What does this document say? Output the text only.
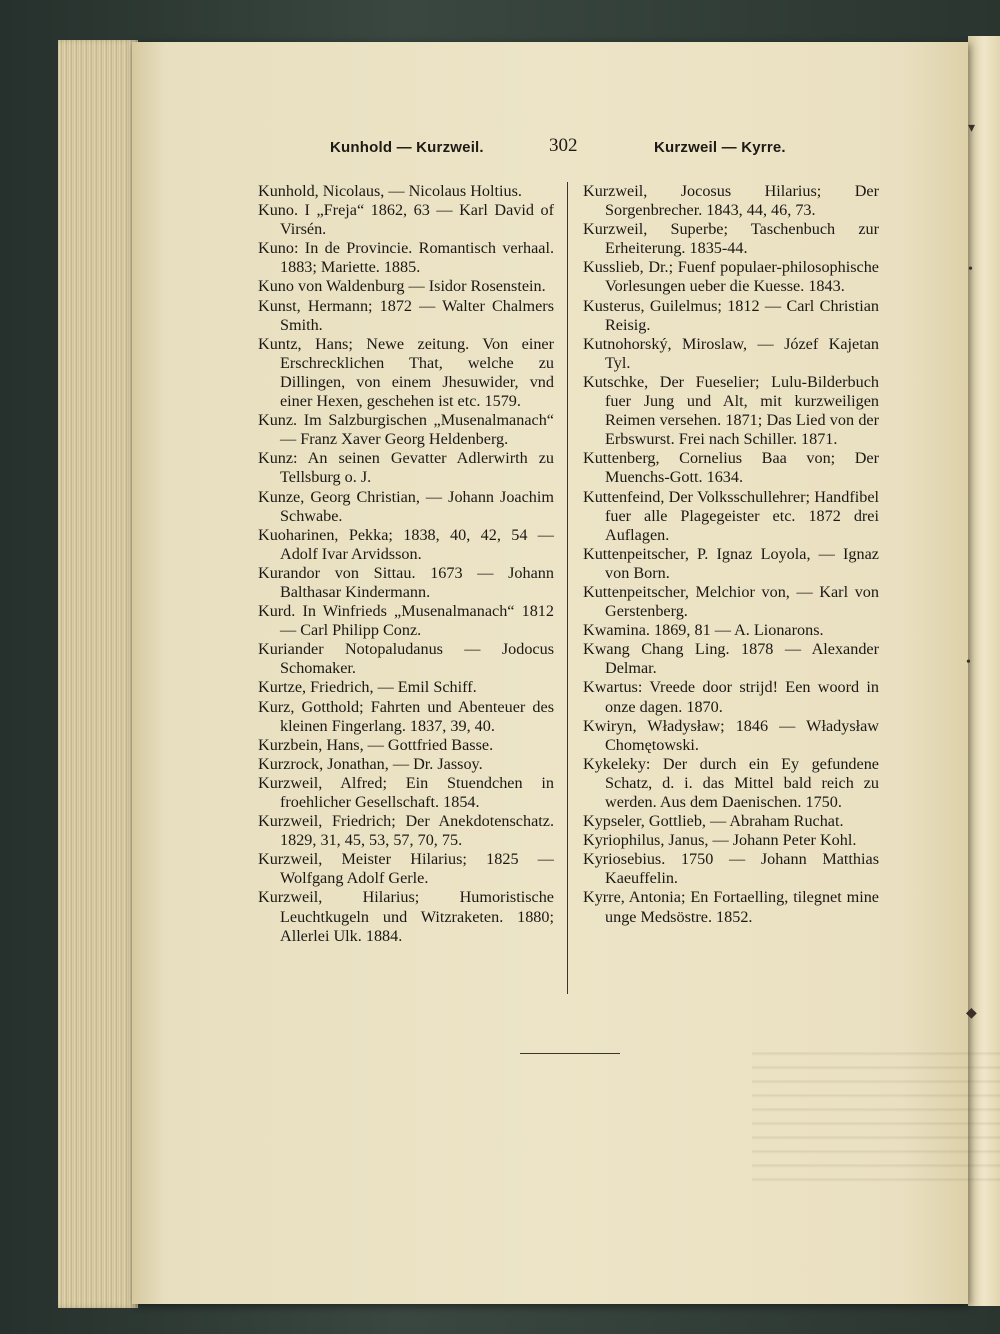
Kunhold — Kurzweil.	302	Kurzweil — Kyrre.

Kunhold, Nicolaus, — Nicolaus Holtius.

Kuno. I „Freja“ 1862, 63 — Karl David of Virsén.

Kuno: In de Provincie. Romantisch verhaal. 1883; Mariette. 1885.

Kuno von Waldenburg — Isidor Rosenstein.

Kunst, Hermann; 1872 — Walter Chalmers Smith.

Kuntz, Hans; Newe zeitung. Von einer Erschrecklichen That, welche zu Dillingen, von einem Jhesuwider, vnd einer Hexen, geschehen ist etc. 1579.

Kunz. Im Salzburgischen „Musenalmanach“ — Franz Xaver Georg Heldenberg.

Kunz: An seinen Gevatter Adlerwirth zu Tellsburg o. J.

Kunze, Georg Christian, — Johann Joachim Schwabe.

Kuoharinen, Pekka; 1838, 40, 42, 54 — Adolf Ivar Arvidsson.

Kurandor von Sittau. 1673 — Johann Balthasar Kindermann.

Kurd. In Winfrieds „Musenalmanach“ 1812 — Carl Philipp Conz.

Kuriander Notopaludanus — Jodocus Schomaker.

Kurtze, Friedrich, — Emil Schiff.

Kurz, Gotthold; Fahrten und Abenteuer des kleinen Fingerlang. 1837, 39, 40.

Kurzbein, Hans, — Gottfried Basse.

Kurzrock, Jonathan, — Dr. Jassoy.

Kurzweil, Alfred; Ein Stuendchen in froehlicher Gesellschaft. 1854.

Kurzweil, Friedrich; Der Anekdotenschatz. 1829, 31, 45, 53, 57, 70, 75.

Kurzweil, Meister Hilarius; 1825 — Wolfgang Adolf Gerle.

Kurzweil, Hilarius; Humoristische Leuchtkugeln und Witzraketen. 1880; Allerlei Ulk. 1884.

Kurzweil, Jocosus Hilarius; Der Sorgenbrecher. 1843, 44, 46, 73.

Kurzweil, Superbe; Taschenbuch zur Erheiterung. 1835-44.

Kusslieb, Dr.; Fuenf populaer-philosophische Vorlesungen ueber die Kuesse. 1843.

Kusterus, Guilelmus; 1812 — Carl Christian Reisig.

Kutnohorský, Miroslaw, — Józef Kajetan Tyl.

Kutschke, Der Fueselier; Lulu-Bilderbuch fuer Jung und Alt, mit kurzweiligen Reimen versehen. 1871; Das Lied von der Erbswurst. Frei nach Schiller. 1871.

Kuttenberg, Cornelius Baa von; Der Muenchs-Gott. 1634.

Kuttenfeind, Der Volksschullehrer; Handfibel fuer alle Plagegeister etc. 1872 drei Auflagen.

Kuttenpeitscher, P. Ignaz Loyola, — Ignaz von Born.

Kuttenpeitscher, Melchior von, — Karl von Gerstenberg.

Kwamina. 1869, 81 — A. Lionarons.

Kwang Chang Ling. 1878 — Alexander Delmar.

Kwartus: Vreede door strijd! Een woord in onze dagen. 1870.

Kwiryn, Władysław; 1846 — Władysław Chomętowski.

Kykeleky: Der durch ein Ey gefundene Schatz, d. i. das Mittel bald reich zu werden. Aus dem Daenischen. 1750.

Kypseler, Gottlieb, — Abraham Ruchat.

Kyriophilus, Janus, — Johann Peter Kohl.

Kyriosebius. 1750 — Johann Matthias Kaeuffelin.

Kyrre, Antonia; En Fortaelling, tilegnet mine unge Medsöstre. 1852.

▾
•
•
◆
